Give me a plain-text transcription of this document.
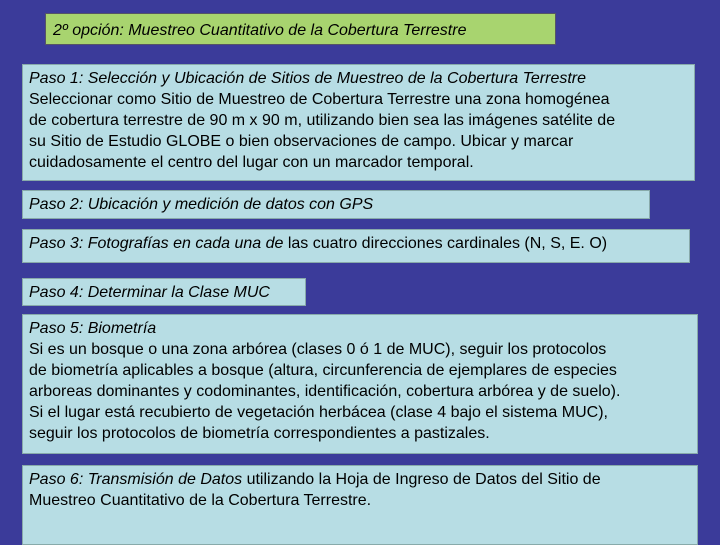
2º opción: Muestreo Cuantitativo de la Cobertura Terrestre
Paso 1: Selección y Ubicación de Sitios de Muestreo de la Cobertura Terrestre
Seleccionar como Sitio de Muestreo de Cobertura Terrestre una zona homogénea
de cobertura terrestre de 90 m x 90 m, utilizando bien sea las imágenes satélite de
su Sitio de Estudio GLOBE o bien observaciones de campo. Ubicar y marcar
cuidadosamente el centro del lugar con un marcador temporal.
Paso 2: Ubicación y medición de datos con GPS
Paso 3: Fotografías en cada una de las cuatro direcciones cardinales (N, S, E. O)
Paso 4: Determinar la Clase MUC
Paso 5: Biometría
Si es un bosque o una zona arbórea (clases 0 ó 1 de MUC), seguir los protocolos
de biometría aplicables a bosque (altura, circunferencia de ejemplares de especies
arboreas dominantes y codominantes, identificación, cobertura arbórea y de suelo).
Si el lugar está recubierto de vegetación herbácea (clase 4 bajo el sistema MUC),
seguir los protocolos de biometría correspondientes a pastizales.
Paso 6: Transmisión de Datos utilizando la Hoja de Ingreso de Datos del Sitio de
Muestreo Cuantitativo de la Cobertura Terrestre.
